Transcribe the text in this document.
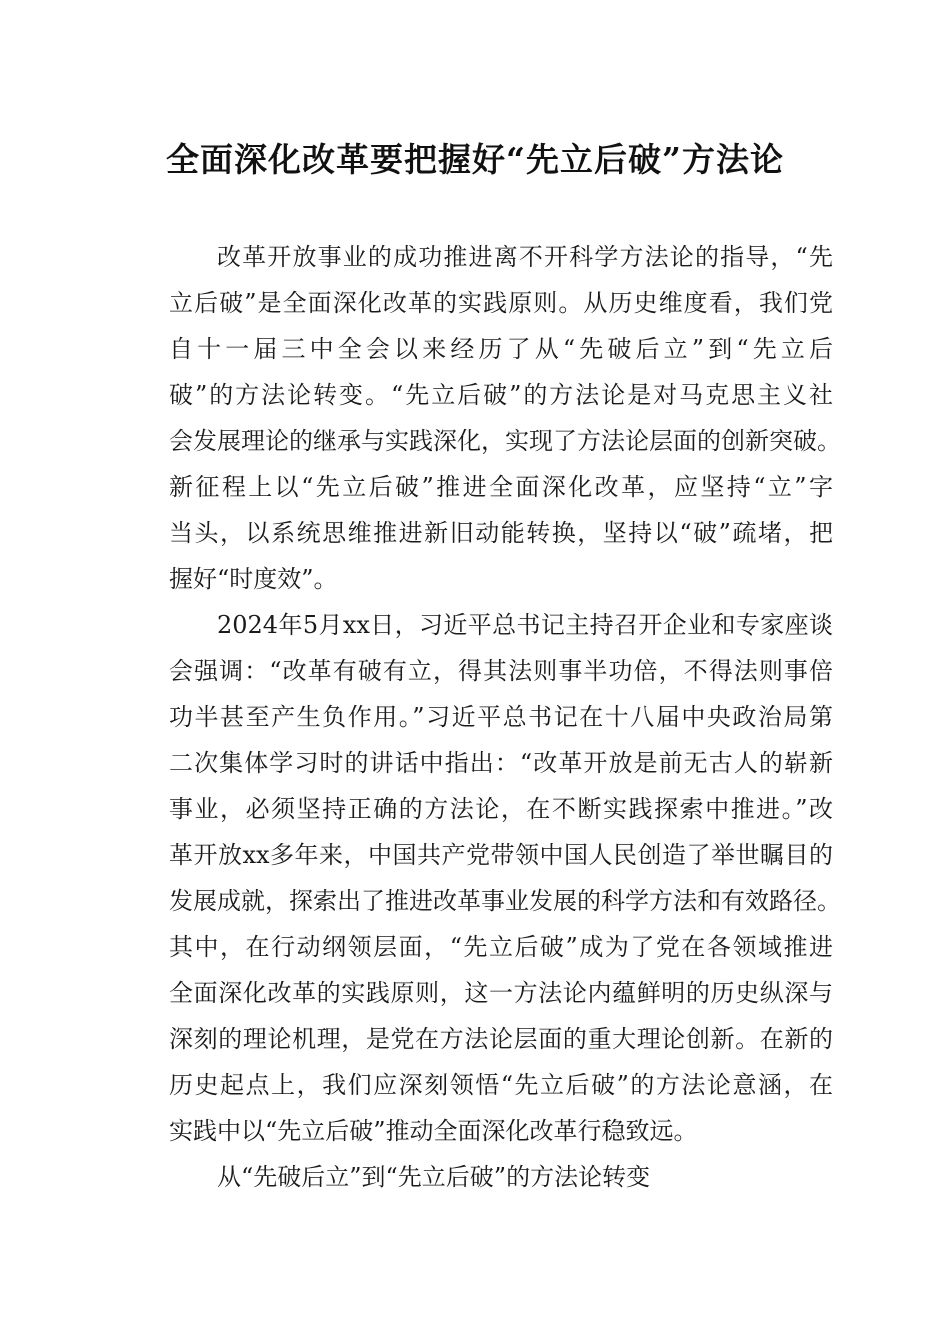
全面深化改革要把握好“先立后破”方法论
改革开放事业的成功推进离不开科学方法论的指导，“先
立后破”是全面深化改革的实践原则。从历史维度看，我们党
自十一届三中全会以来经历了从“先破后立”到“先立后
破”的方法论转变。“先立后破”的方法论是对马克思主义社
会发展理论的继承与实践深化，实现了方法论层面的创新突破。
新征程上以“先立后破”推进全面深化改革，应坚持“立”字
当头，以系统思维推进新旧动能转换，坚持以“破”疏堵，把
握好“时度效”。
2024年5月xx日，习近平总书记主持召开企业和专家座谈
会强调：“改革有破有立，得其法则事半功倍，不得法则事倍
功半甚至产生负作用。”习近平总书记在十八届中央政治局第
二次集体学习时的讲话中指出：“改革开放是前无古人的崭新
事业，必须坚持正确的方法论，在不断实践探索中推进。”改
革开放xx多年来，中国共产党带领中国人民创造了举世瞩目的
发展成就，探索出了推进改革事业发展的科学方法和有效路径。
其中，在行动纲领层面，“先立后破”成为了党在各领域推进
全面深化改革的实践原则，这一方法论内蕴鲜明的历史纵深与
深刻的理论机理，是党在方法论层面的重大理论创新。在新的
历史起点上，我们应深刻领悟“先立后破”的方法论意涵，在
实践中以“先立后破”推动全面深化改革行稳致远。
从“先破后立”到“先立后破”的方法论转变
